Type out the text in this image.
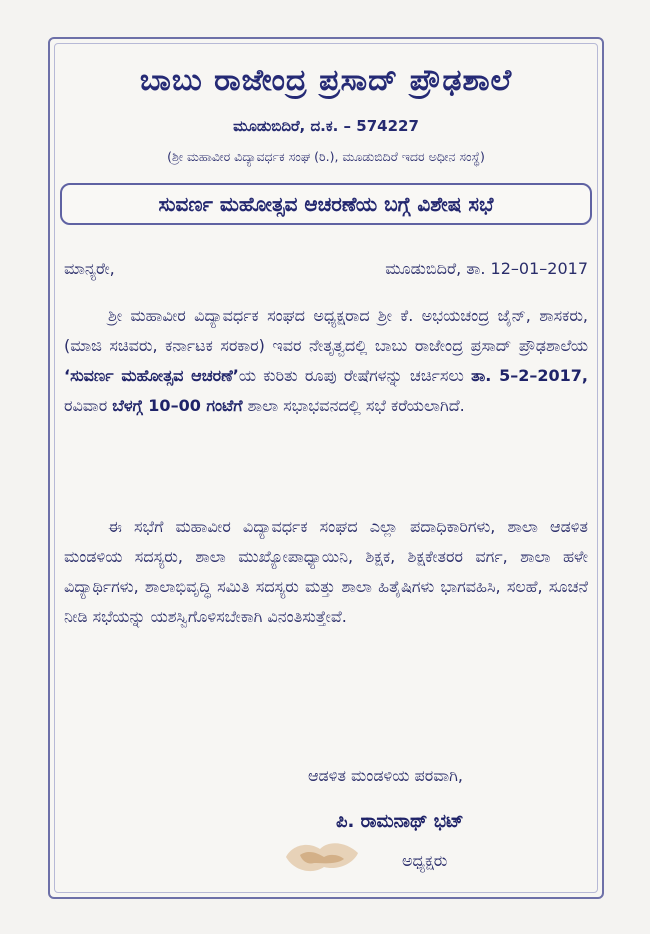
ಬಾಬು ರಾಜೇಂದ್ರ ಪ್ರಸಾದ್ ಪ್ರೌಢಶಾಲೆ
ಮೂಡುಬಿದಿರೆ, ದ.ಕ. – 574227
(ಶ್ರೀ ಮಹಾವೀರ ವಿದ್ಯಾವರ್ಧಕ ಸಂಘ (ರಿ.), ಮೂಡುಬಿದಿರೆ ಇದರ ಅಧೀನ ಸಂಸ್ಥೆ)
ಸುವರ್ಣ ಮಹೋತ್ಸವ ಆಚರಣೆಯ ಬಗ್ಗೆ ವಿಶೇಷ ಸಭೆ
ಮಾನ್ಯರೇ,	ಮೂಡುಬಿದಿರೆ, ತಾ. 12–01–2017
ಶ್ರೀ ಮಹಾವೀರ ವಿದ್ಯಾವರ್ಧಕ ಸಂಘದ ಅಧ್ಯಕ್ಷರಾದ ಶ್ರೀ ಕೆ. ಅಭಯಚಂದ್ರ ಜೈನ್, ಶಾಸಕರು, (ಮಾಜಿ ಸಚಿವರು, ಕರ್ನಾಟಕ ಸರಕಾರ) ಇವರ ನೇತೃತ್ವದಲ್ಲಿ ಬಾಬು ರಾಜೇಂದ್ರ ಪ್ರಸಾದ್ ಪ್ರೌಢಶಾಲೆಯ ‘ಸುವರ್ಣ ಮಹೋತ್ಸವ ಆಚರಣೆ’ಯ ಕುರಿತು ರೂಪು ರೇಷೆಗಳನ್ನು ಚರ್ಚಿಸಲು ತಾ. 5–2–2017, ರವಿವಾರ ಬೆಳಗ್ಗೆ 10–00 ಗಂಟೆಗೆ ಶಾಲಾ ಸಭಾಭವನದಲ್ಲಿ ಸಭೆ ಕರೆಯಲಾಗಿದೆ.
ಈ ಸಭೆಗೆ ಮಹಾವೀರ ವಿದ್ಯಾವರ್ಧಕ ಸಂಘದ ಎಲ್ಲಾ ಪದಾಧಿಕಾರಿಗಳು, ಶಾಲಾ ಆಡಳಿತ ಮಂಡಳಿಯ ಸದಸ್ಯರು, ಶಾಲಾ ಮುಖ್ಯೋಪಾಧ್ಯಾಯಿನಿ, ಶಿಕ್ಷಕ, ಶಿಕ್ಷಕೇತರರ ವರ್ಗ, ಶಾಲಾ ಹಳೇ ವಿದ್ಯಾರ್ಥಿಗಳು, ಶಾಲಾಭಿವೃದ್ಧಿ ಸಮಿತಿ ಸದಸ್ಯರು ಮತ್ತು ಶಾಲಾ ಹಿತೈಷಿಗಳು ಭಾಗವಹಿಸಿ, ಸಲಹೆ, ಸೂಚನೆ ನೀಡಿ ಸಭೆಯನ್ನು ಯಶಸ್ವಿಗೊಳಿಸಬೇಕಾಗಿ ವಿನಂತಿಸುತ್ತೇವೆ.
ಆಡಳಿತ ಮಂಡಳಿಯ ಪರವಾಗಿ,
ಪಿ. ರಾಮನಾಥ್ ಭಟ್
ಅಧ್ಯಕ್ಷರು
